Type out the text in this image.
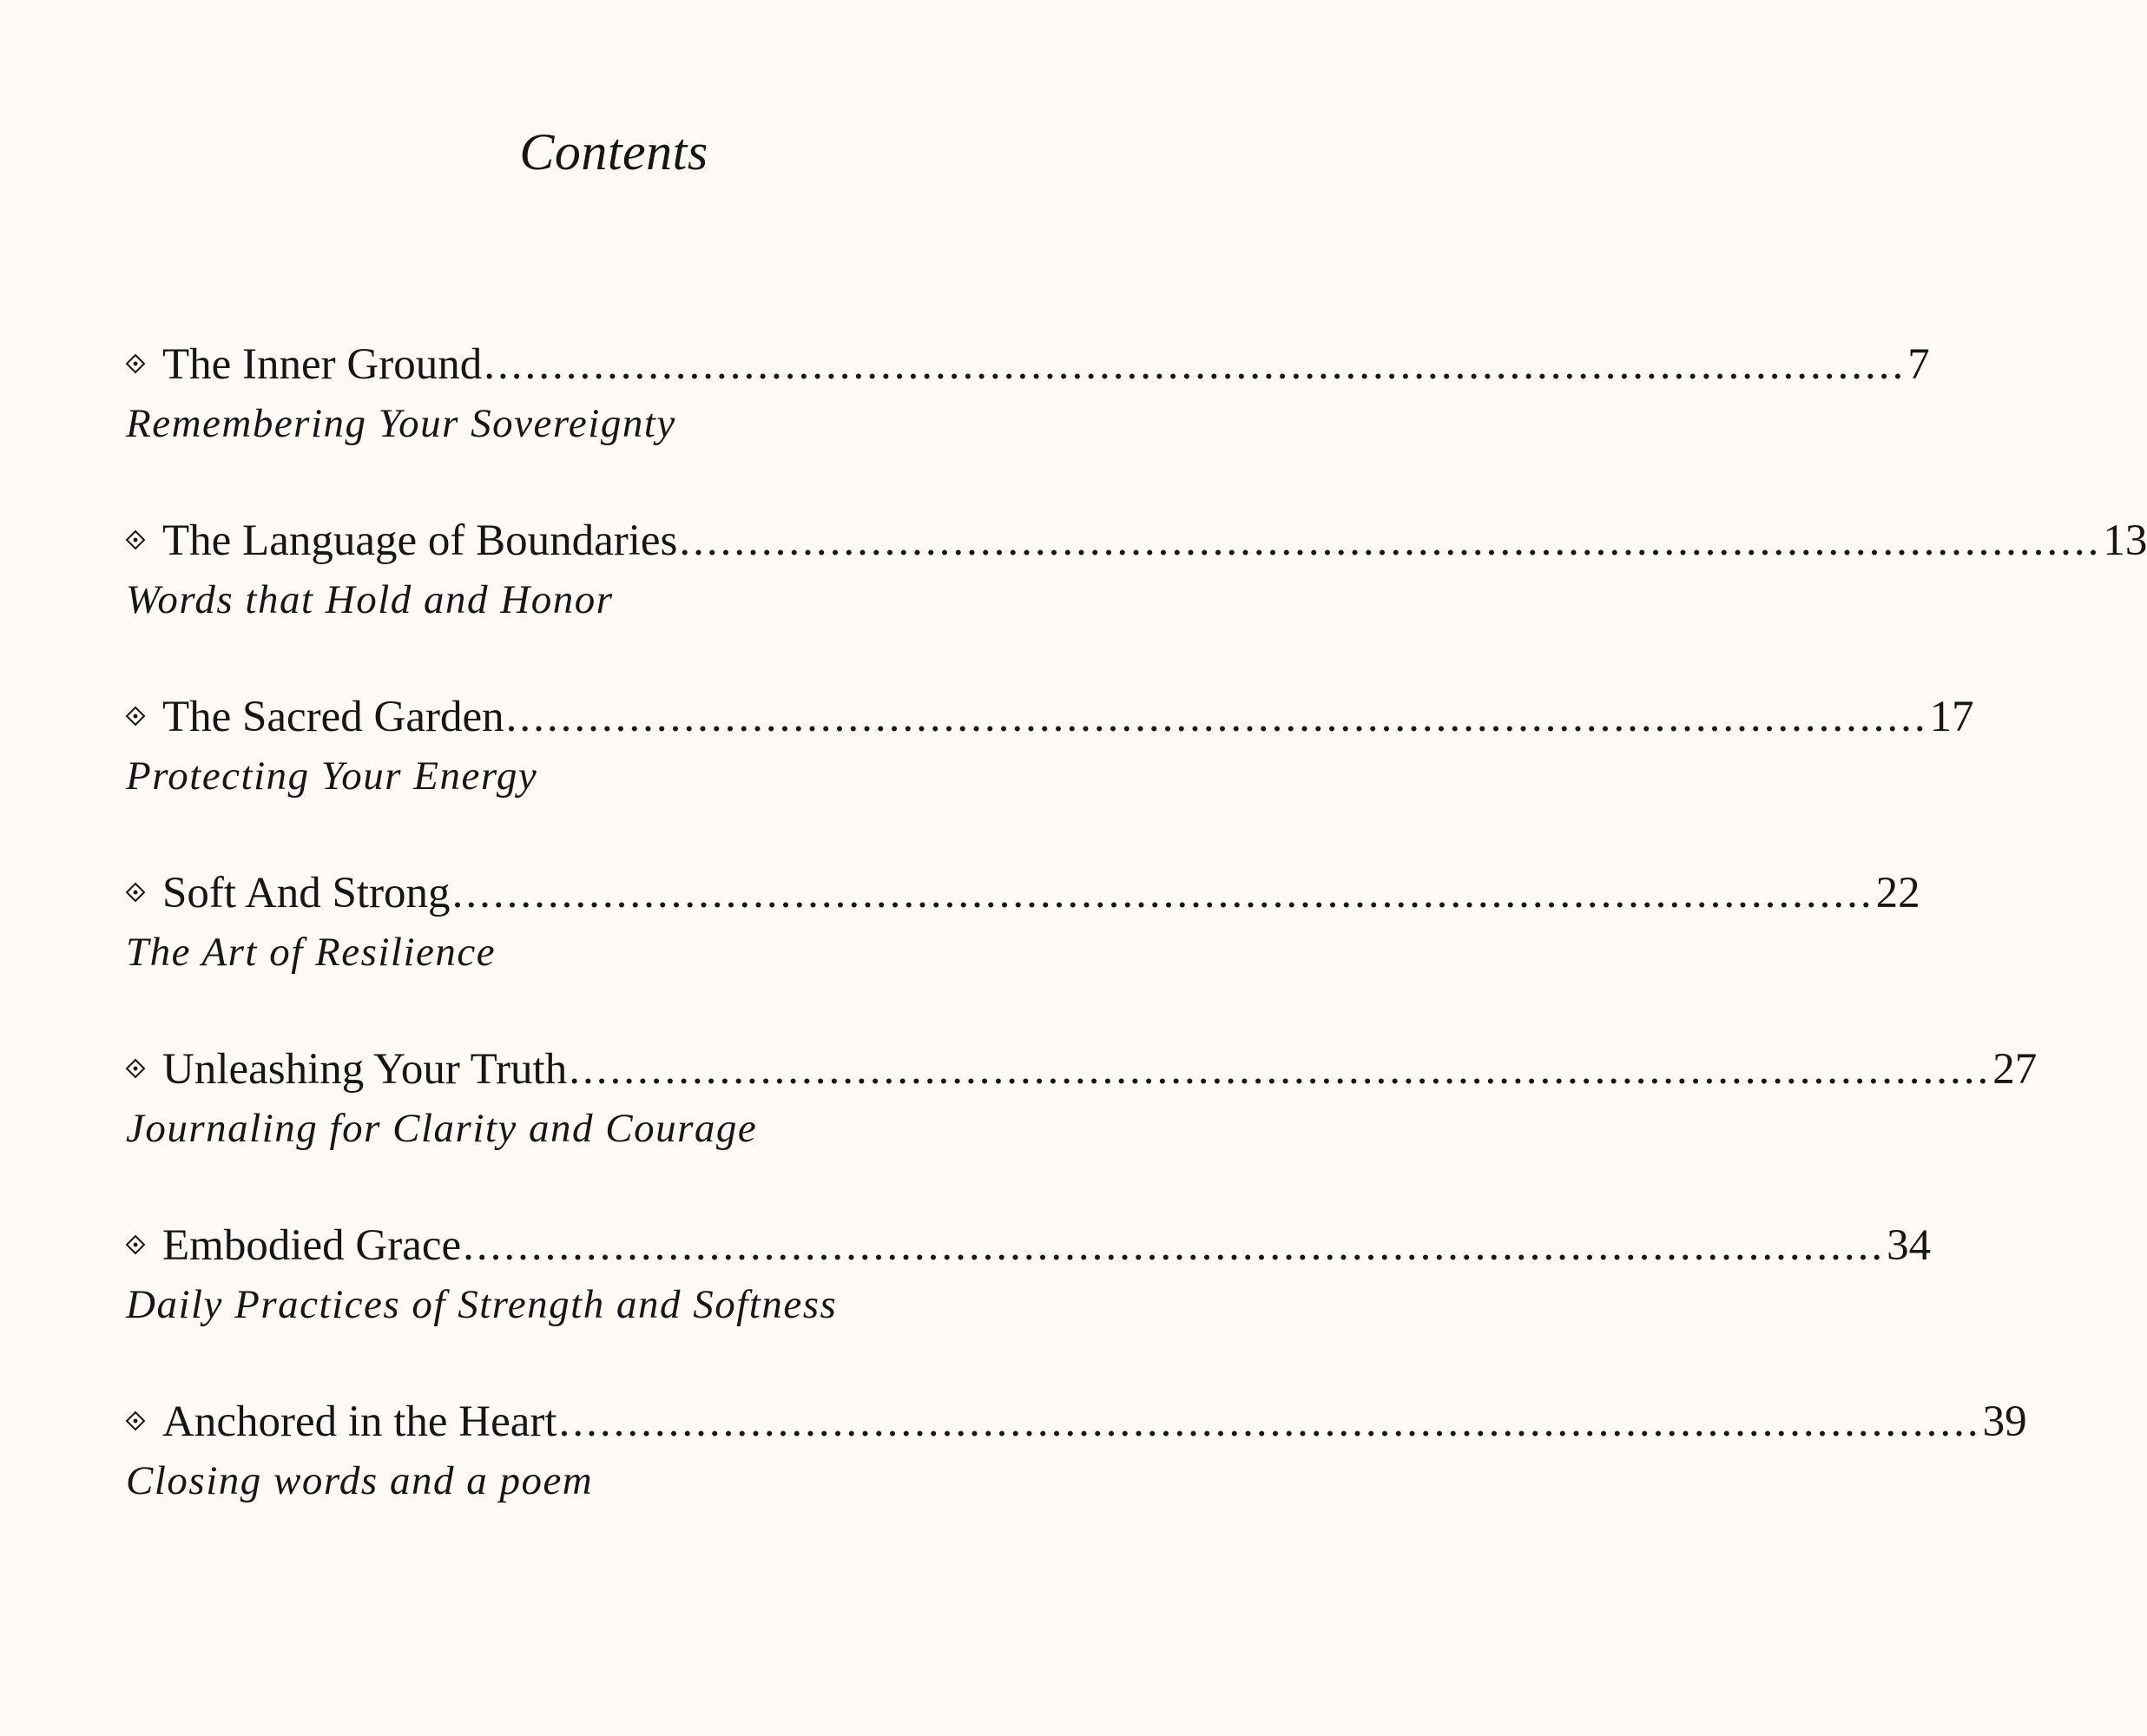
Contents
The Inner Ground ........................................................................................................ 7
Remembering Your Sovereignty
The Language of Boundaries ........................................................................................................ 13
Words that Hold and Honor
The Sacred Garden ........................................................................................................ 17
Protecting Your Energy
Soft And Strong ........................................................................................................ 22
The Art of Resilience
Unleashing Your Truth ........................................................................................................ 27
Journaling for Clarity and Courage
Embodied Grace ........................................................................................................ 34
Daily Practices of Strength and Softness
Anchored in the Heart ........................................................................................................ 39
Closing words and a poem
